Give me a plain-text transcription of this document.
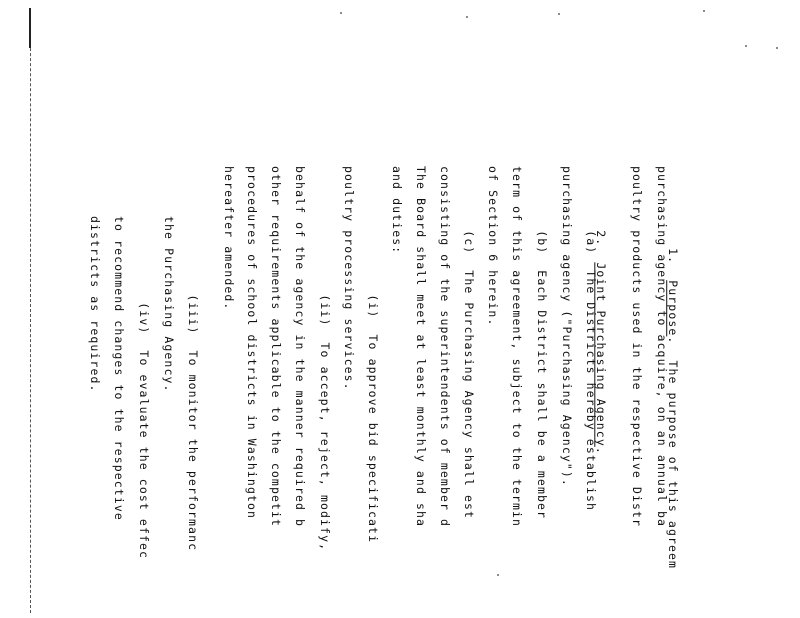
1.  Purpose.  The purpose of this agreem

purchasing agency to acquire, on an annual ba
poultry products used in the respective Distr

2.  Joint Purchasing Agency.

(a)  The Districts hereby establish
purchasing agency ("Purchasing Agency").
(b)  Each District shall be a member
term of this agreement, subject to the termin
of Section 6 herein.
(c)  The Purchasing Agency shall est
consisting of the superintendents of member d
The Board shall meet at least monthly and sha
and duties:
(i)  To approve bid specificati
poultry processing services.
(ii)  To accept, reject, modify,
behalf of the agency in the manner required b
other requirements applicable to the competit
procedures of school districts in Washington
hereafter amended.
(iii)  To monitor the performanc
the Purchasing Agency.
(iv)  To evaluate the cost effec
to recommend changes to the respective
districts as required.
